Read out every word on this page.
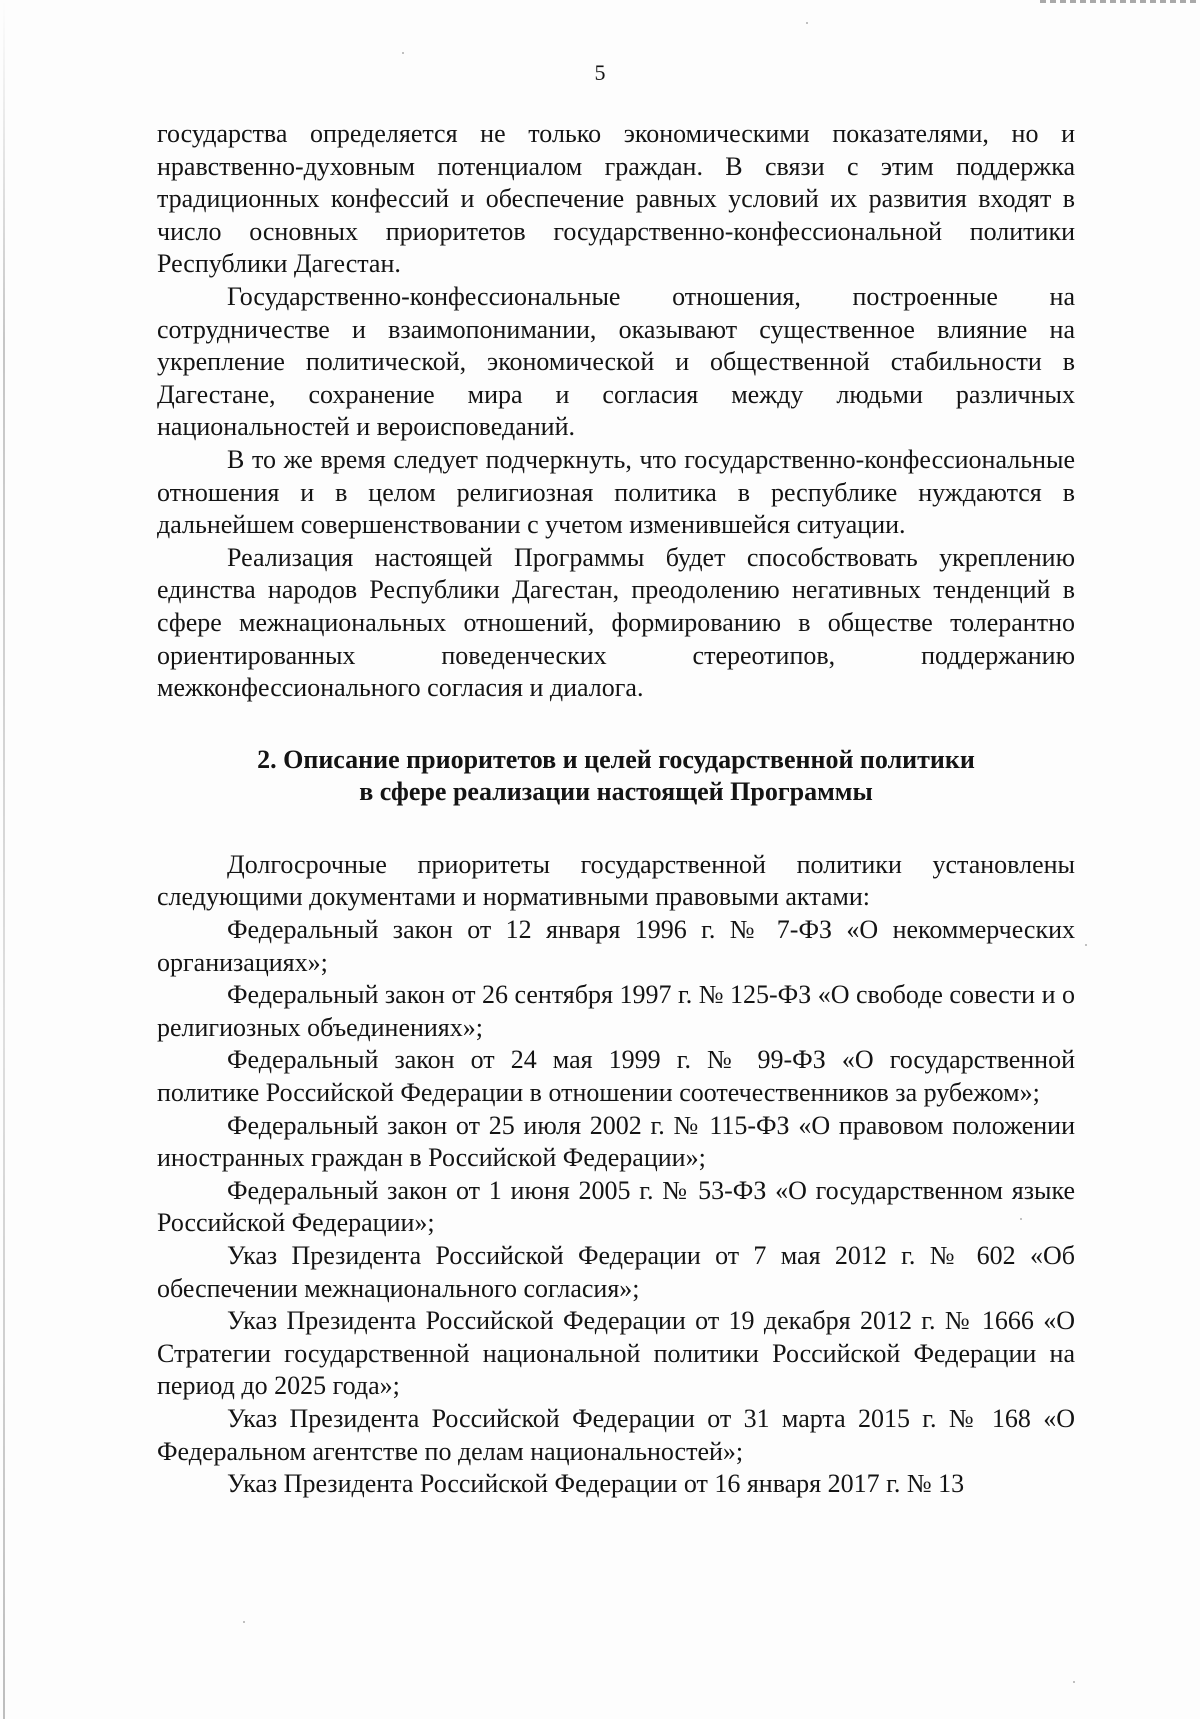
5

государства определяется не только экономическими показателями, но и нравственно-духовным потенциалом граждан. В связи с этим поддержка традиционных конфессий и обеспечение равных условий их развития входят в число основных приоритетов государственно-конфессиональной политики Республики Дагестан.

Государственно-конфессиональные отношения, построенные на сотрудничестве и взаимопонимании, оказывают существенное влияние на укрепление политической, экономической и общественной стабильности в Дагестане, сохранение мира и согласия между людьми различных национальностей и вероисповеданий.

В то же время следует подчеркнуть, что государственно-конфессиональные отношения и в целом религиозная политика в республике нуждаются в дальнейшем совершенствовании с учетом изменившейся ситуации.

Реализация настоящей Программы будет способствовать укреплению единства народов Республики Дагестан, преодолению негативных тенденций в сфере межнациональных отношений, формированию в обществе толерантно ориентированных поведенческих стереотипов, поддержанию межконфессионального согласия и диалога.

2. Описание приоритетов и целей государственной политики
в сфере реализации настоящей Программы

Долгосрочные приоритеты государственной политики установлены следующими документами и нормативными правовыми актами:

Федеральный закон от 12 января 1996 г. № 7-ФЗ «О некоммерческих организациях»;

Федеральный закон от 26 сентября 1997 г. № 125-ФЗ «О свободе совести и о религиозных объединениях»;

Федеральный закон от 24 мая 1999 г. № 99-ФЗ «О государственной политике Российской Федерации в отношении соотечественников за рубежом»;

Федеральный закон от 25 июля 2002 г. № 115-ФЗ «О правовом положении иностранных граждан в Российской Федерации»;

Федеральный закон от 1 июня 2005 г. № 53-ФЗ «О государственном языке Российской Федерации»;

Указ Президента Российской Федерации от 7 мая 2012 г. № 602 «Об обеспечении межнационального согласия»;

Указ Президента Российской Федерации от 19 декабря 2012 г. № 1666 «О Стратегии государственной национальной политики Российской Федерации на период до 2025 года»;

Указ Президента Российской Федерации от 31 марта 2015 г. № 168 «О Федеральном агентстве по делам национальностей»;

Указ Президента Российской Федерации от 16 января 2017 г. № 13
